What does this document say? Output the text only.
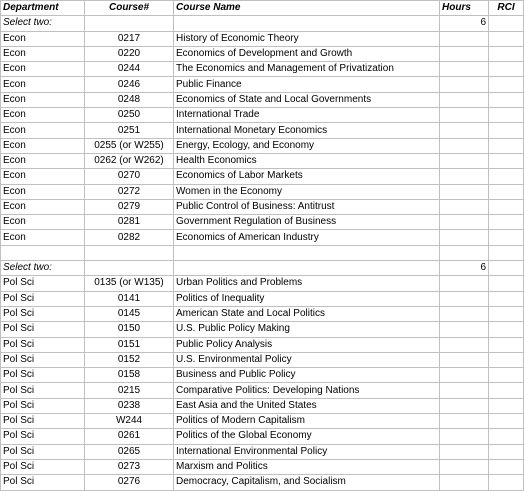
Department	Course#	Course Name	Hours	RCI
Select two:			6	
Econ	0217	History of Economic Theory		
Econ	0220	Economics of Development and Growth		
Econ	0244	The Economics and Management of Privatization		
Econ	0246	Public Finance		
Econ	0248	Economics of State and Local Governments		
Econ	0250	International Trade		
Econ	0251	International Monetary Economics		
Econ	0255 (or W255)	Energy, Ecology, and Economy		
Econ	0262 (or W262)	Health Economics		
Econ	0270	Economics of Labor Markets		
Econ	0272	Women in the Economy		
Econ	0279	Public Control of Business: Antitrust		
Econ	0281	Government Regulation of Business		
Econ	0282	Economics of American Industry		

Select two:			6	
Pol Sci	0135 (or W135)	Urban Politics and Problems		
Pol Sci	0141	Politics of Inequality		
Pol Sci	0145	American State and Local Politics		
Pol Sci	0150	U.S. Public Policy Making		
Pol Sci	0151	Public Policy Analysis		
Pol Sci	0152	U.S. Environmental Policy		
Pol Sci	0158	Business and Public Policy		
Pol Sci	0215	Comparative Politics: Developing Nations		
Pol Sci	0238	East Asia and the United States		
Pol Sci	W244	Politics of Modern Capitalism		
Pol Sci	0261	Politics of the Global Economy		
Pol Sci	0265	International Environmental Policy		
Pol Sci	0273	Marxism and Politics		
Pol Sci	0276	Democracy, Capitalism, and Socialism		
